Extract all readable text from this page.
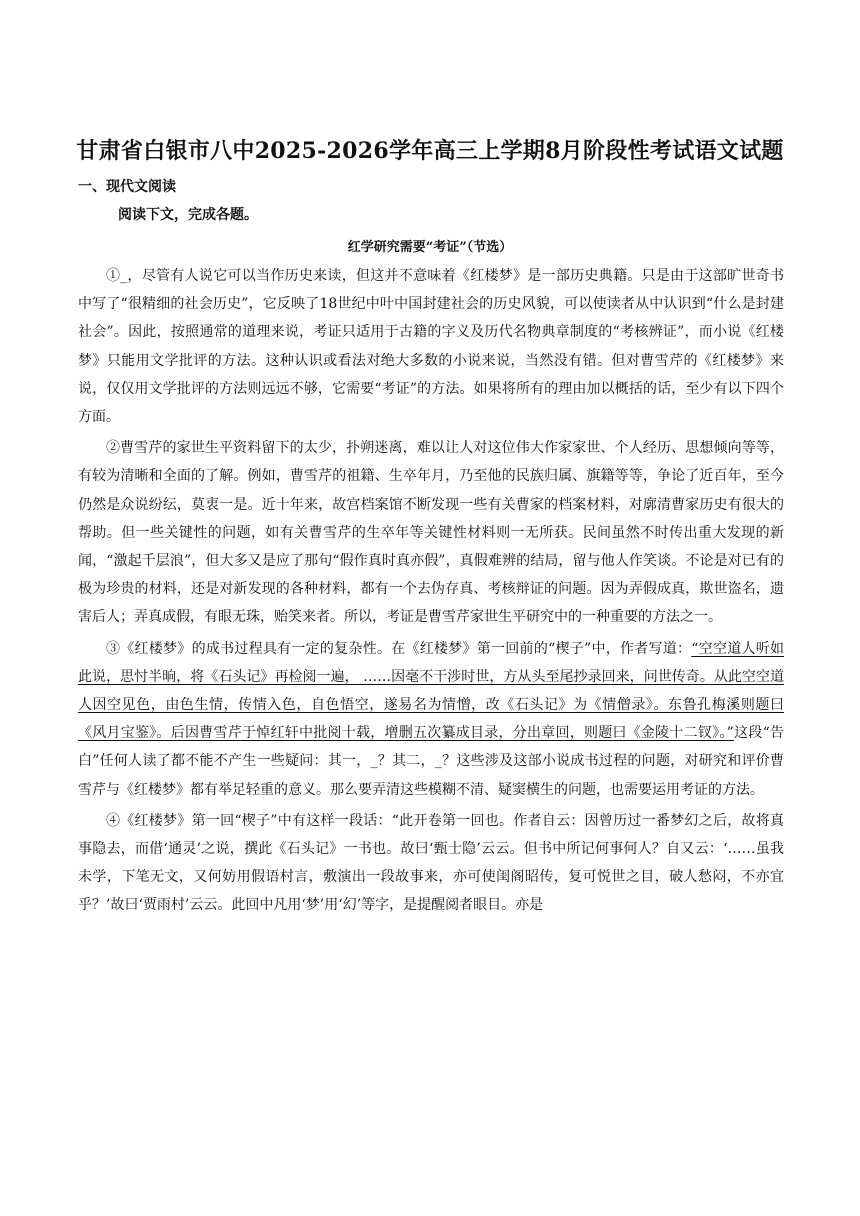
甘肃省白银市八中2025-2026学年高三上学期8月阶段性考试语文试题
一、现代文阅读
阅读下文，完成各题。
红学研究需要“考证”（节选）

①_，尽管有人说它可以当作历史来读，但这并不意味着《红楼梦》是一部历史典籍。只是由于这部旷世奇书中写了“很精细的社会历史”，它反映了18世纪中叶中国封建社会的历史风貌，可以使读者从中认识到“什么是封建社会”。因此，按照通常的道理来说，考证只适用于古籍的字义及历代名物典章制度的“考核辨证”，而小说《红楼梦》只能用文学批评的方法。这种认识或看法对绝大多数的小说来说，当然没有错。但对曹雪芹的《红楼梦》来说，仅仅用文学批评的方法则远远不够，它需要“考证”的方法。如果将所有的理由加以概括的话，至少有以下四个方面。

②曹雪芹的家世生平资料留下的太少，扑朔迷离，难以让人对这位伟大作家家世、个人经历、思想倾向等等，有较为清晰和全面的了解。例如，曹雪芹的祖籍、生卒年月，乃至他的民族归属、旗籍等等，争论了近百年，至今仍然是众说纷纭，莫衷一是。近十年来，故宫档案馆不断发现一些有关曹家的档案材料，对廓清曹家历史有很大的帮助。但一些关键性的问题，如有关曹雪芹的生卒年等关键性材料则一无所获。民间虽然不时传出重大发现的新闻，“激起千层浪”，但大多又是应了那句“假作真时真亦假”，真假难辨的结局，留与他人作笑谈。不论是对已有的极为珍贵的材料，还是对新发现的各种材料，都有一个去伪存真、考核辩证的问题。因为弄假成真，欺世盗名，遗害后人；弄真成假，有眼无珠，贻笑来者。所以，考证是曹雪芹家世生平研究中的一种重要的方法之一。

③《红楼梦》的成书过程具有一定的复杂性。在《红楼梦》第一回前的“楔子”中，作者写道：“空空道人听如此说，思忖半晌，将《石头记》再检阅一遍， ……因毫不干涉时世，方从头至尾抄录回来，问世传奇。从此空空道人因空见色，由色生情，传情入色，自色悟空，遂易名为情憎，改《石头记》为《情僧录》。东鲁孔梅溪则题曰《风月宝鉴》。后因曹雪芹于悼红轩中批阅十载，增删五次纂成目录，分出章回，则题曰《金陵十二钗》。”这段“告白”任何人读了都不能不产生一些疑问：其一，_？其二，_？这些涉及这部小说成书过程的问题，对研究和评价曹雪芹与《红楼梦》都有举足轻重的意义。那么要弄清这些模糊不清、疑窦横生的问题，也需要运用考证的方法。

④《红楼梦》第一回“楔子”中有这样一段话：“此开卷第一回也。作者自云：因曾历过一番梦幻之后，故将真事隐去，而借‘通灵’之说，撰此《石头记》一书也。故曰‘甄士隐’云云。但书中所记何事何人？自又云：‘……虽我未学，下笔无文，又何妨用假语村言，敷演出一段故事来，亦可使闺阁昭传，复可悦世之目，破人愁闷，不亦宜乎？’故曰‘贾雨村’云云。此回中凡用‘梦’用‘幻’等字，是提醒阅者眼目。亦是
